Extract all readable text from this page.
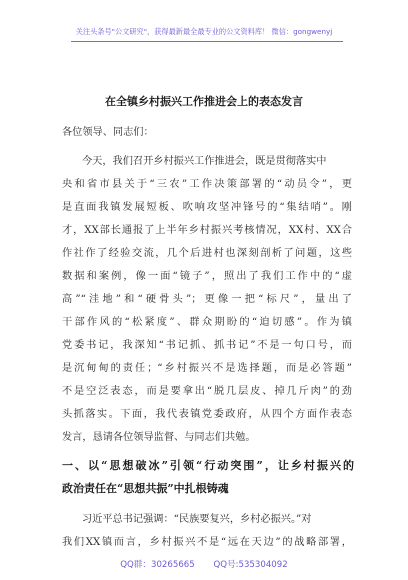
关注头条号"公文研究"，获得最新最全最专业的公文资料库！ 微信：gongwenyj
在全镇乡村振兴工作推进会上的表态发言
各位领导、同志们：
今天，我们召开乡村振兴工作推进会，既是贯彻落实中
央和省市县关于“三农”工作决策部署的“动员令”，更
是直面我镇发展短板、吹响攻坚冲锋号的“集结哨”。刚
才，XX部长通报了上半年乡村振兴考核情况，XX村、XX合
作社作了经验交流，几个后进村也深刻剖析了问题，这些
数据和案例，像一面“镜子”，照出了我们工作中的“虚
高”“洼地”和“硬骨头”；更像一把“标尺”，量出了
干部作风的“松紧度”、群众期盼的“迫切感”。作为镇
党委书记，我深知“书记抓、抓书记”不是一句口号，而
是沉甸甸的责任；“乡村振兴不是选择题，而是必答题”
不是空泛表态，而是要拿出“脱几层皮、掉几斤肉”的劲
头抓落实。下面，我代表镇党委政府，从四个方面作表态
发言，恳请各位领导监督、与同志们共勉。
一、以“思想破冰”引领“行动突围”，让乡村振兴的
政治责任在“思想共振”中扎根铸魂
习近平总书记强调：“民族要复兴，乡村必振兴。”对
我们XX镇而言，乡村振兴不是“远在天边”的战略部署，
QQ群：30265665 QQ号:535304092
